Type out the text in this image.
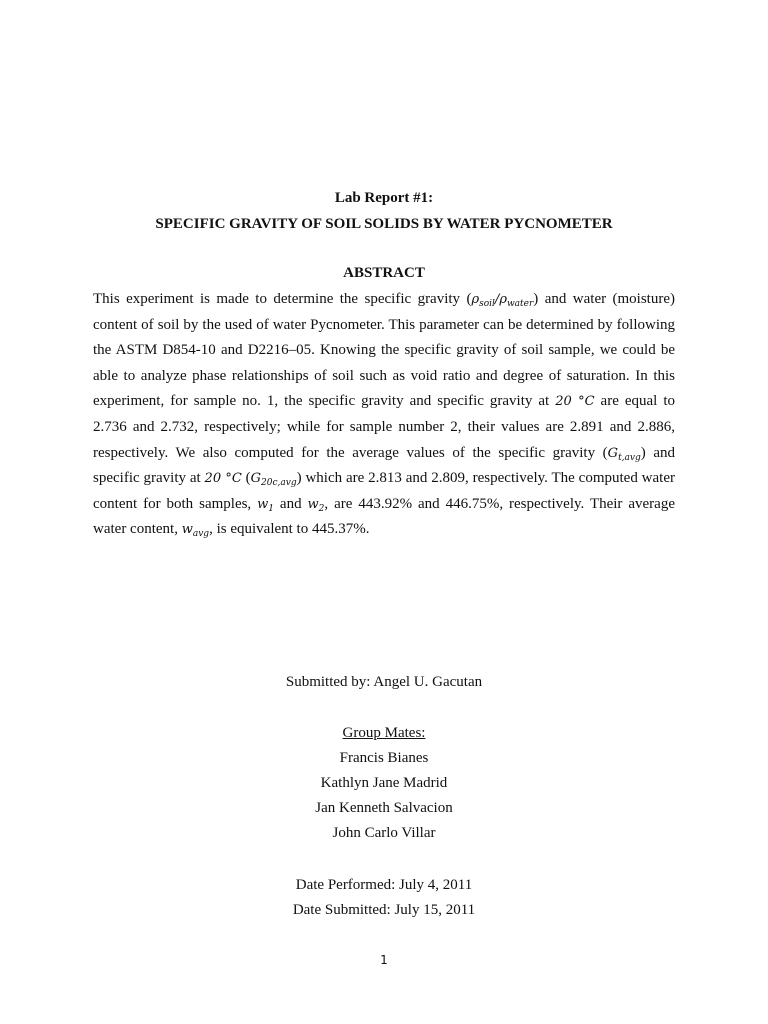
Lab Report #1:
SPECIFIC GRAVITY OF SOIL SOLIDS BY WATER PYCNOMETER
ABSTRACT
This experiment is made to determine the specific gravity $(\rho_{soil}/\rho_{water})$ and water (moisture) content of soil by the used of water Pycnometer. This parameter can be determined by following the ASTM D854-10 and D2216–05. Knowing the specific gravity of soil sample, we could be able to analyze phase relationships of soil such as void ratio and degree of saturation. In this experiment, for sample no. 1, the specific gravity and specific gravity at 20 °C are equal to 2.736 and 2.732, respectively; while for sample number 2, their values are 2.891 and 2.886, respectively. We also computed for the average values of the specific gravity $(G_{t,avg})$ and specific gravity at 20 °C $(G_{20c,avg})$ which are 2.813 and 2.809, respectively. The computed water content for both samples, $w_1$ and $w_2$, are 443.92% and 446.75%, respectively. Their average water content, $w_{avg}$, is equivalent to 445.37%.
Submitted by: Angel U. Gacutan
Group Mates:
Francis Bianes
Kathlyn Jane Madrid
Jan Kenneth Salvacion
John Carlo Villar
Date Performed: July 4, 2011
Date Submitted: July 15, 2011
1
